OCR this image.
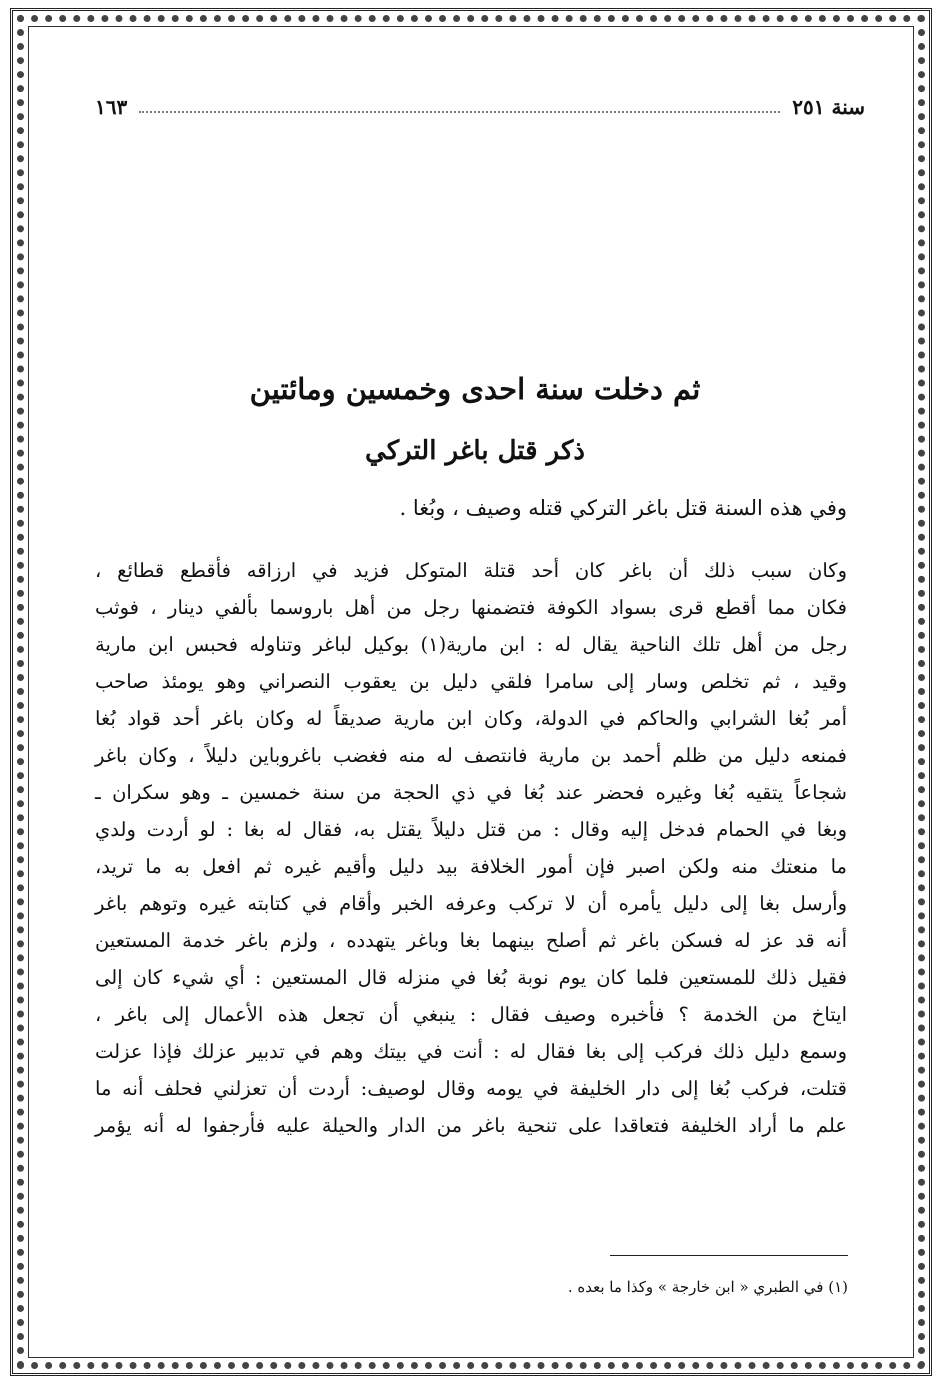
سنة ٢٥١
١٦٣
ثم دخلت سنة احدى وخمسين ومائتين
ذكر قتل باغر التركي
وفي هذه السنة قتل باغر التركي قتله وصيف ، وبُغا .
وكان سبب ذلك أن باغر كان أحد قتلة المتوكل فزيد في ارزاقه فأقطع قطائع ،
فكان مما أقطع قرى بسواد الكوفة فتضمنها رجل من أهل باروسما بألفي دينار ، فوثب
رجل من أهل تلك الناحية يقال له : ابن مارية(١) بوكيل لباغر وتناوله فحبس ابن مارية
وقيد ، ثم تخلص وسار إلى سامرا فلقي دليل بن يعقوب النصراني وهو يومئذ صاحب
أمر بُغا الشرابي والحاكم في الدولة، وكان ابن مارية صديقاً له وكان باغر أحد قواد بُغا
فمنعه دليل من ظلم أحمد بن مارية فانتصف له منه فغضب باغروباين دليلاً ، وكان باغر
شجاعاً يتقيه بُغا وغيره فحضر عند بُغا في ذي الحجة من سنة خمسين ـ وهو سكران ـ
وبغا في الحمام فدخل إليه وقال : من قتل دليلاً يقتل به، فقال له بغا : لو أردت ولدي
ما منعتك منه ولكن اصبر فإن أمور الخلافة بيد دليل وأقيم غيره ثم افعل به ما تريد،
وأرسل بغا إلى دليل يأمره أن لا تركب وعرفه الخبر وأقام في كتابته غيره وتوهم باغر
أنه قد عز له فسكن باغر ثم أصلح بينهما بغا وباغر يتهدده ، ولزم باغر خدمة المستعين
فقيل ذلك للمستعين فلما كان يوم نوبة بُغا في منزله قال المستعين : أي شيء كان إلى
ايتاخ من الخدمة ؟ فأخبره وصيف فقال : ينبغي أن تجعل هذه الأعمال إلى باغر ،
وسمع دليل ذلك فركب إلى بغا فقال له : أنت في بيتك وهم في تدبير عزلك فإذا عزلت
قتلت، فركب بُغا إلى دار الخليفة في يومه وقال لوصيف: أردت أن تعزلني فحلف أنه ما
علم ما أراد الخليفة فتعاقدا على تنحية باغر من الدار والحيلة عليه فأرجفوا له أنه يؤمر
(١) في الطبري « ابن خارجة » وكذا ما بعده .
